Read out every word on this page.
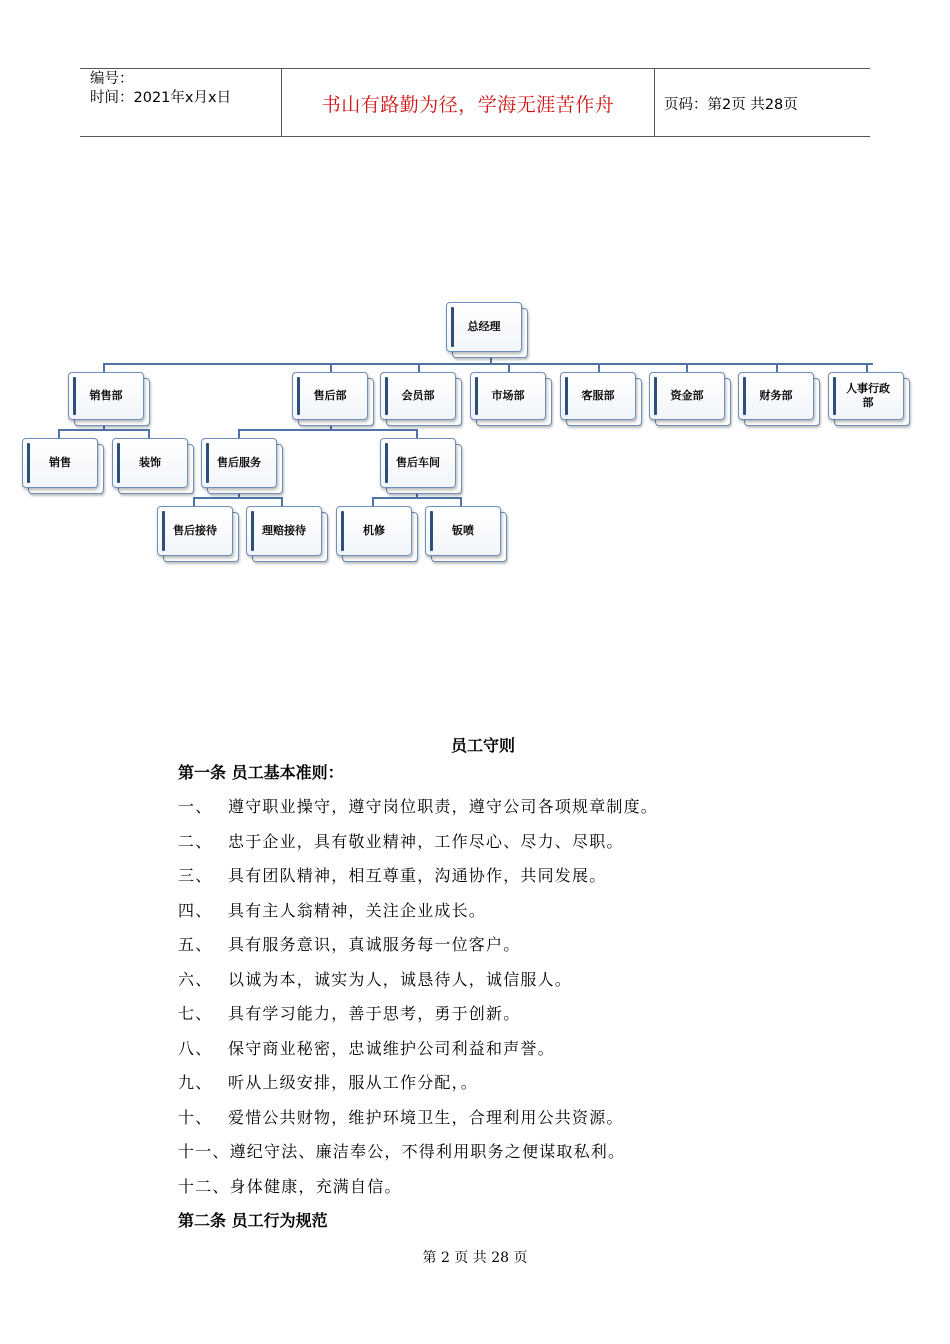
编号：
时间：2021年x月x日	书山有路勤为径，学海无涯苦作舟	页码：第2页 共28页
总经理
销售部	售后部	会员部	市场部	客服部	资金部	财务部
人事行政部
销售	装饰	售后服务	售后车间
售后接待	理赔接待	机修	钣喷
员工守则
第一条 员工基本准则：
一、 遵守职业操守，遵守岗位职责，遵守公司各项规章制度。
二、 忠于企业，具有敬业精神，工作尽心、尽力、尽职。
三、 具有团队精神，相互尊重，沟通协作，共同发展。
四、 具有主人翁精神，关注企业成长。
五、 具有服务意识，真诚服务每一位客户。
六、 以诚为本，诚实为人，诚恳待人，诚信服人。
七、 具有学习能力，善于思考，勇于创新。
八、 保守商业秘密，忠诚维护公司利益和声誉。
九、 听从上级安排，服从工作分配，。
十、 爱惜公共财物，维护环境卫生，合理利用公共资源。
十一、遵纪守法、廉洁奉公，不得利用职务之便谋取私利。
十二、身体健康，充满自信。
第二条 员工行为规范
第 2 页 共 28 页
